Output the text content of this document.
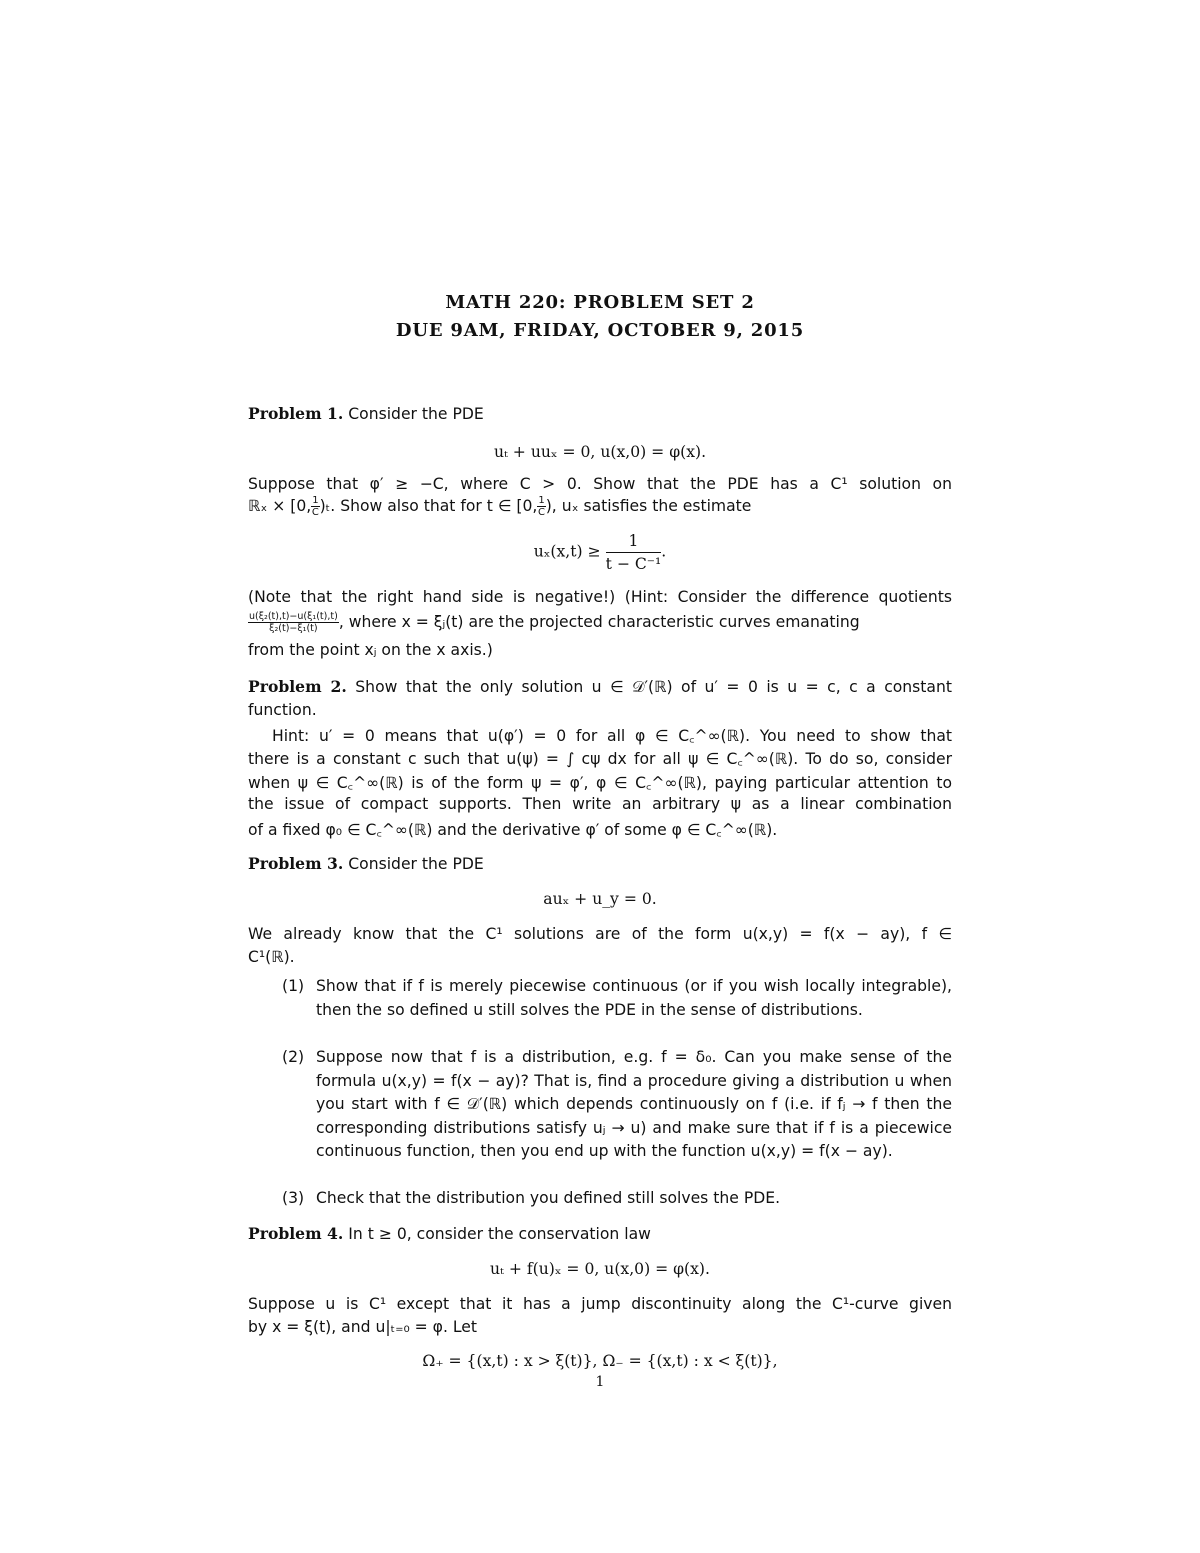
MATH 220: PROBLEM SET 2
DUE 9AM, FRIDAY, OCTOBER 9, 2015
Problem 1. Consider the PDE
uₜ + uuₓ = 0, u(x,0) = φ(x).
Suppose that φ′ ≥ −C, where C > 0. Show that the PDE has a C¹ solution on
ℝₓ × [0, $\frac{1}{C} )_t$. Show also that for t ∈ [0, $\frac{1}{C}$ ), uₓ satisfies the estimate
$u_x(x,t) \ge \frac{1}{\text{t − C⁻¹}}$ .
(Note that the right hand side is negative!) (Hint: Consider the difference quotients
$\frac{\text{u(ξ₂(t),t)−u(ξ₁(t),t)}}{\text{ξ₂(t)−ξ₁(t)}}$ , where x = ξⱼ(t) are the projected characteristic curves emanating
from the point xⱼ on the x axis.)
Problem 2. Show that the only solution u ∈ 𝒟′(ℝ) of u′ = 0 is u = c, c a constant
function.
Hint: u′ = 0 means that u(φ′) = 0 for all φ ∈ C꜀^∞(ℝ). You need to show that
there is a constant c such that u(ψ) = ∫ cψ dx for all ψ ∈ C꜀^∞(ℝ). To do so, consider
when ψ ∈ C꜀^∞(ℝ) is of the form ψ = φ′, φ ∈ C꜀^∞(ℝ), paying particular attention to
the issue of compact supports. Then write an arbitrary ψ as a linear combination
of a fixed φ₀ ∈ C꜀^∞(ℝ) and the derivative φ′ of some φ ∈ C꜀^∞(ℝ).
Problem 3. Consider the PDE
auₓ + u_y = 0.
We already know that the C¹ solutions are of the form u(x,y) = f(x − ay), f ∈
C¹(ℝ).
(1) Show that if f is merely piecewise continuous (or if you wish locally integrable), then the so defined u still solves the PDE in the sense of distributions.
(2) Suppose now that f is a distribution, e.g. f = δ₀. Can you make sense of the formula u(x,y) = f(x − ay)? That is, find a procedure giving a distribution u when you start with f ∈ 𝒟′(ℝ) which depends continuously on f (i.e. if fⱼ → f then the corresponding distributions satisfy uⱼ → u) and make sure that if f is a piecewice continuous function, then you end up with the function u(x,y) = f(x − ay).
(3) Check that the distribution you defined still solves the PDE.
Problem 4. In t ≥ 0, consider the conservation law
uₜ + f(u)ₓ = 0, u(x,0) = φ(x).
Suppose u is C¹ except that it has a jump discontinuity along the C¹-curve given
by x = ξ(t), and u|ₜ₌₀ = φ. Let
Ω₊ = {(x,t) : x > ξ(t)}, Ω₋ = {(x,t) : x < ξ(t)},
1
